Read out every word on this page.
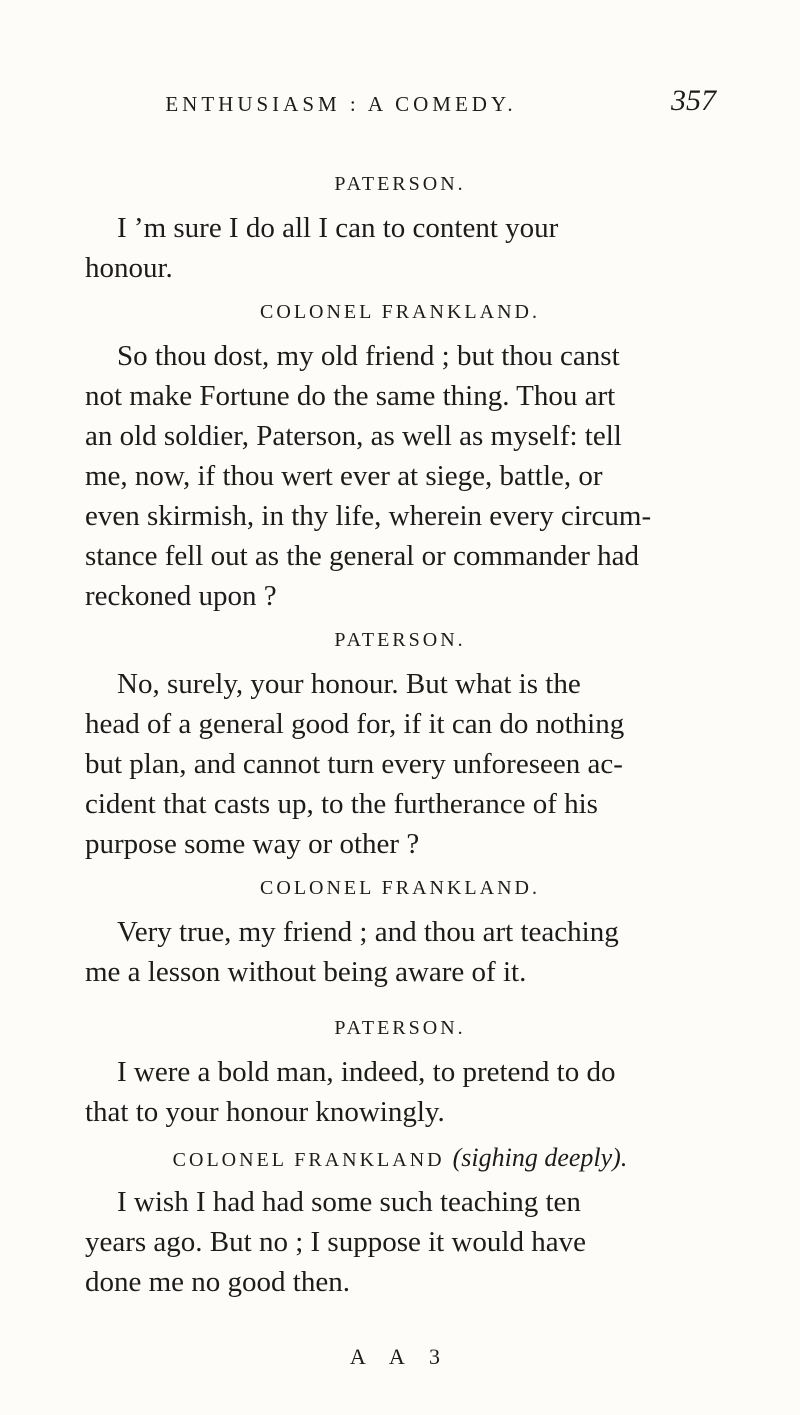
ENTHUSIASM : A COMEDY.	357
PATERSON.
I ’m sure I do all I can to content your
honour.
COLONEL FRANKLAND.
So thou dost, my old friend ; but thou canst
not make Fortune do the same thing. Thou art
an old soldier, Paterson, as well as myself: tell
me, now, if thou wert ever at siege, battle, or
even skirmish, in thy life, wherein every circum-
stance fell out as the general or commander had
reckoned upon ?
PATERSON.
No, surely, your honour. But what is the
head of a general good for, if it can do nothing
but plan, and cannot turn every unforeseen ac-
cident that casts up, to the furtherance of his
purpose some way or other ?
COLONEL FRANKLAND.
Very true, my friend ; and thou art teaching
me a lesson without being aware of it.
PATERSON.
I were a bold man, indeed, to pretend to do
that to your honour knowingly.
COLONEL FRANKLAND (sighing deeply).
I wish I had had some such teaching ten
years ago. But no ; I suppose it would have
done me no good then.
A A 3
